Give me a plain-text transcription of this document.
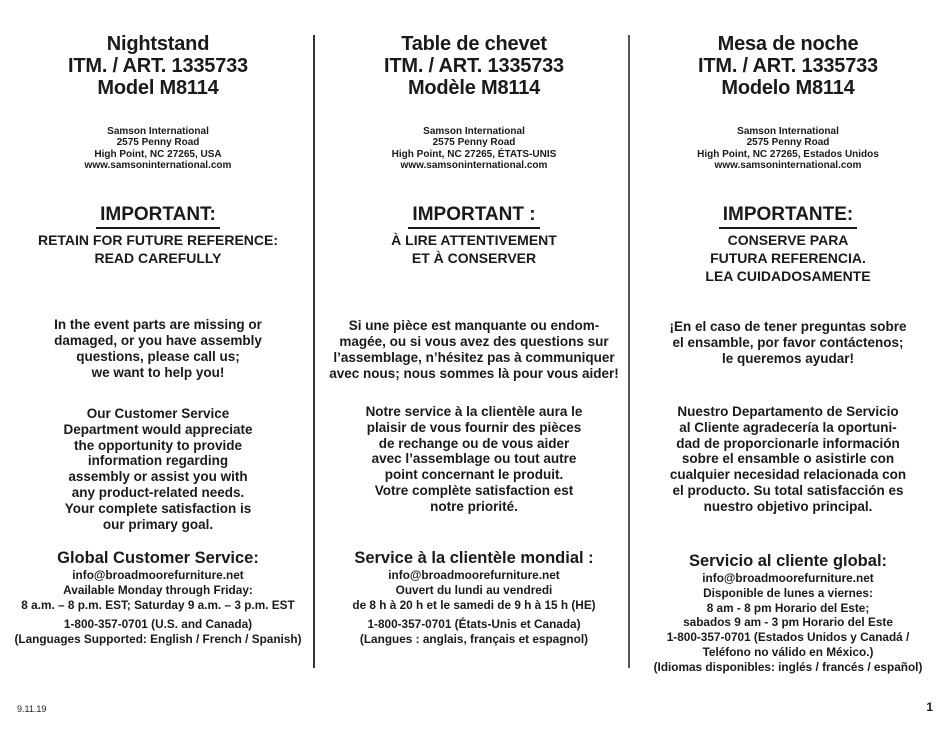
Nightstand
ITM. / ART. 1335733
Model M8114
Samson International
2575 Penny Road
High Point, NC 27265, USA
www.samsoninternational.com
IMPORTANT:
RETAIN FOR FUTURE REFERENCE:
READ CAREFULLY
In the event parts are missing or
damaged, or you have assembly
questions, please call us;
we want to help you!
Our Customer Service
Department would appreciate
the opportunity to provide
information regarding
assembly or assist you with
any product-related needs.
Your complete satisfaction is
our primary goal.
Global Customer Service:
info@broadmoorefurniture.net
Available Monday through Friday:
8 a.m. – 8 p.m. EST; Saturday 9 a.m. – 3 p.m. EST
1-800-357-0701 (U.S. and Canada)
(Languages Supported: English / French / Spanish)
Table de chevet
ITM. / ART. 1335733
Modèle M8114
Samson International
2575 Penny Road
High Point, NC 27265, ÉTATS-UNIS
www.samsoninternational.com
IMPORTANT :
À LIRE ATTENTIVEMENT
ET À CONSERVER
Si une pièce est manquante ou endom-
magée, ou si vous avez des questions sur
l’assemblage, n’hésitez pas à communiquer
avec nous; nous sommes là pour vous aider!
Notre service à la clientèle aura le
plaisir de vous fournir des pièces
de rechange ou de vous aider
avec l’assemblage ou tout autre
point concernant le produit.
Votre complète satisfaction est
notre priorité.
Service à la clientèle mondial :
info@broadmoorefurniture.net
Ouvert du lundi au vendredi
de 8 h à 20 h et le samedi de 9 h à 15 h (HE)
1-800-357-0701 (États-Unis et Canada)
(Langues : anglais, français et espagnol)
Mesa de noche
ITM. / ART. 1335733
Modelo M8114
Samson International
2575 Penny Road
High Point, NC 27265, Estados Unidos
www.samsoninternational.com
IMPORTANTE:
CONSERVE PARA
FUTURA REFERENCIA.
LEA CUIDADOSAMENTE
¡En el caso de tener preguntas sobre
el ensamble, por favor contáctenos;
le queremos ayudar!
Nuestro Departamento de Servicio
al Cliente agradecería la oportuni-
dad de proporcionarle información
sobre el ensamble o asistirle con
cualquier necesidad relacionada con
el producto. Su total satisfacción es
nuestro objetivo principal.
Servicio al cliente global:
info@broadmoorefurniture.net
Disponible de lunes a viernes:
8 am - 8 pm Horario del Este;
sabados 9 am - 3 pm Horario del Este
1-800-357-0701 (Estados Unidos y Canadá /
Teléfono no válido en México.)
(Idiomas disponibles: inglés / francés / español)
9.11.19	1
